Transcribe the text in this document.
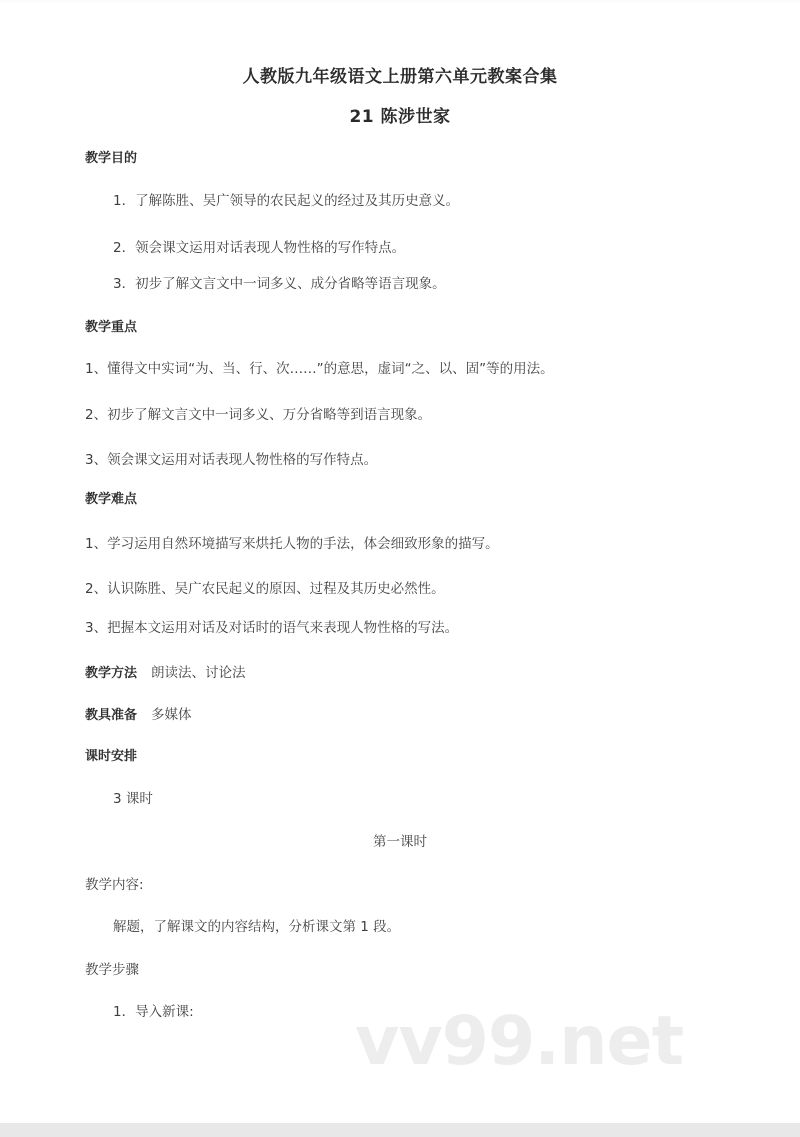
人教版九年级语文上册第六单元教案合集
21 陈涉世家
教学目的
1．了解陈胜、吴广领导的农民起义的经过及其历史意义。
2．领会课文运用对话表现人物性格的写作特点。
3．初步了解文言文中一词多义、成分省略等语言现象。
教学重点
1、懂得文中实词“为、当、行、次……”的意思，虚词“之、以、固”等的用法。
2、初步了解文言文中一词多义、万分省略等到语言现象。
3、领会课文运用对话表现人物性格的写作特点。
教学难点
1、学习运用自然环境描写来烘托人物的手法，体会细致形象的描写。
2、认识陈胜、吴广农民起义的原因、过程及其历史必然性。
3、把握本文运用对话及对话时的语气来表现人物性格的写法。
教学方法 朗读法、讨论法
教具准备 多媒体
课时安排
3 课时
第一课时
教学内容:
解题，了解课文的内容结构，分析课文第 1 段。
教学步骤
1．导入新课: vv99.net
